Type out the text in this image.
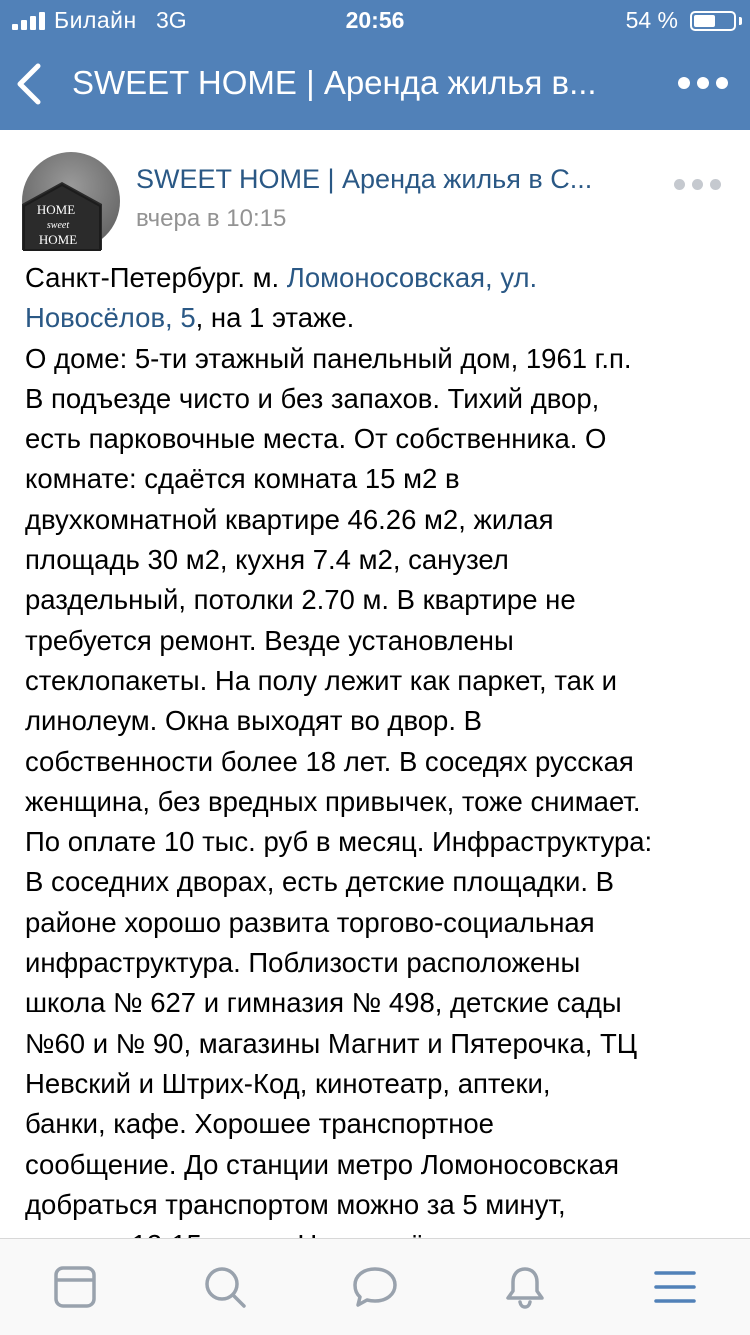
Билайн 3G	20:56	54 %
SWEET HOME | Аренда жилья в...
HOME
sweet
HOME
SWEET HOME | Аренда жилья в С...
вчера в 10:15
Санкт-Петербург. м. Ломоносовская, ул.
Новосёлов, 5, на 1 этаже.
О доме: 5-ти этажный панельный дом, 1961 г.п.
В подъезде чисто и без запахов. Тихий двор,
есть парковочные места. От собственника. О
комнате: сдаётся комната 15 м2 в
двухкомнатной квартире 46.26 м2, жилая
площадь 30 м2, кухня 7.4 м2, санузел
раздельный, потолки 2.70 м. В квартире не
требуется ремонт. Везде установлены
стеклопакеты. На полу лежит как паркет, так и
линолеум. Окна выходят во двор. В
собственности более 18 лет. В соседях русская
женщина, без вредных привычек, тоже снимает.
По оплате 10 тыс. руб в месяц. Инфраструктура:
В соседних дворах, есть детские площадки. В
районе хорошо развита торгово-социальная
инфраструктура. Поблизости расположены
школа № 627 и гимназия № 498, детские сады
№60 и № 90, магазины Магнит и Пятерочка, ТЦ
Невский и Штрих-Код, кинотеатр, аптеки,
банки, кафе. Хорошее транспортное
сообщение. До станции метро Ломоносовская
добраться транспортом можно за 5 минут,
